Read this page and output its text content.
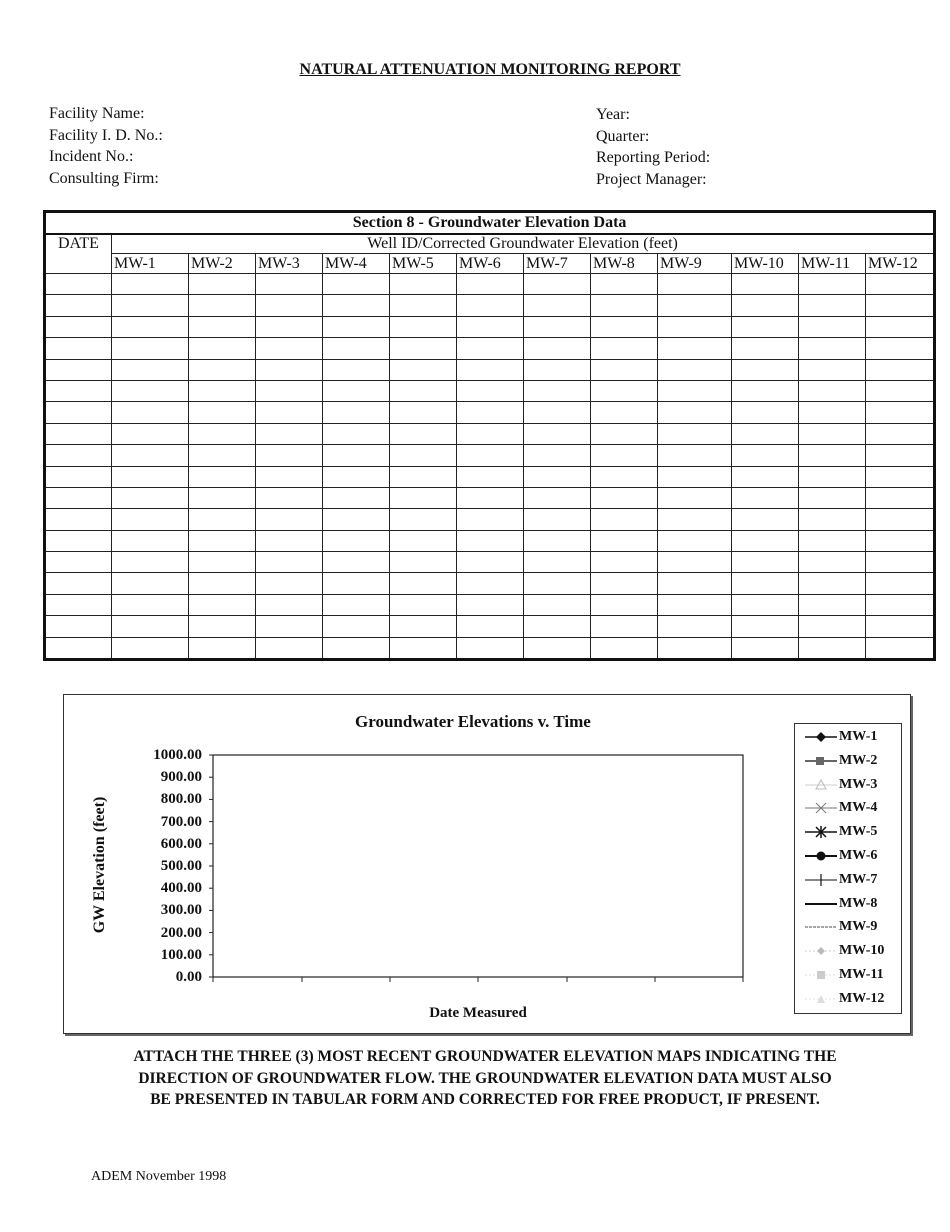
NATURAL ATTENUATION MONITORING REPORT
Facility Name:
Facility I. D. No.:
Incident No.:
Consulting Firm:
Year:
Quarter:
Reporting Period:
Project Manager:
Section 8 - Groundwater Elevation Data												
DATE	Well ID/Corrected Groundwater Elevation (feet)											
	MW-1	MW-2	MW-3	MW-4	MW-5	MW-6	MW-7	MW-8	MW-9	MW-10	MW-11	MW-12

Groundwater Elevations v. Time
GW Elevation (feet)
Date Measured
1000.00
900.00
800.00
700.00
600.00
500.00
400.00
300.00
200.00
100.00
0.00
MW-1
MW-2
MW-3
MW-4
MW-5
MW-6
MW-7
MW-8
MW-9
MW-10
MW-11
MW-12
ATTACH THE THREE (3) MOST RECENT GROUNDWATER ELEVATION MAPS INDICATING THE
DIRECTION OF GROUNDWATER FLOW. THE GROUNDWATER ELEVATION DATA MUST ALSO
BE PRESENTED IN TABULAR FORM AND CORRECTED FOR FREE PRODUCT, IF PRESENT.
ADEM November 1998
